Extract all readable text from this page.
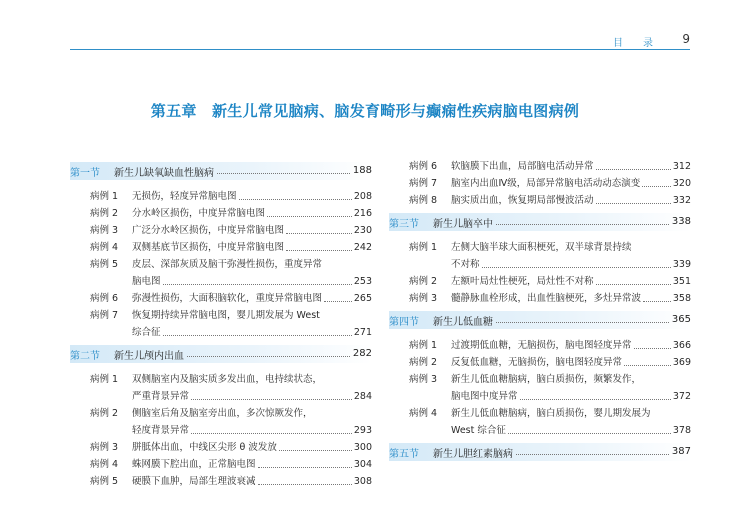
目　录 9
第五章　新生儿常见脑病、脑发育畸形与癫痫性疾病脑电图病例
第一节 新生儿缺氧缺血性脑病	188
病例 1 无损伤，轻度异常脑电图	208
病例 2 分水岭区损伤，中度异常脑电图	216
病例 3 广泛分水岭区损伤，中度异常脑电图	230
病例 4 双侧基底节区损伤，中度异常脑电图	242
病例 5 皮层、深部灰质及脑干弥漫性损伤，重度异常
脑电图	253
病例 6 弥漫性损伤，大面积脑软化，重度异常脑电图	265
病例 7 恢复期持续异常脑电图，婴儿期发展为 West
综合征	271
第二节 新生儿颅内出血	282
病例 1 双侧脑室内及脑实质多发出血，电持续状态，
严重背景异常	284
病例 2 侧脑室后角及脑室旁出血，多次惊厥发作，
轻度背景异常	293
病例 3 胼胝体出血，中线区尖形 θ 波发放	300
病例 4 蛛网膜下腔出血，正常脑电图	304
病例 5 硬膜下血肿，局部生理波衰减	308
病例 6 软脑膜下出血，局部脑电活动异常	312
病例 7 脑室内出血Ⅳ级，局部异常脑电活动动态演变	320
病例 8 脑实质出血，恢复期局部慢波活动	332
第三节 新生儿脑卒中	338
病例 1 左侧大脑半球大面积梗死，双半球背景持续
不对称	339
病例 2 左额叶局灶性梗死，局灶性不对称	351
病例 3 髓静脉血栓形成，出血性脑梗死，多灶异常波	358
第四节 新生儿低血糖	365
病例 1 过渡期低血糖，无脑损伤，脑电图轻度异常	366
病例 2 反复低血糖，无脑损伤，脑电图轻度异常	369
病例 3 新生儿低血糖脑病，脑白质损伤，频繁发作，
脑电图中度异常	372
病例 4 新生儿低血糖脑病，脑白质损伤，婴儿期发展为
West 综合征	378
第五节 新生儿胆红素脑病	387
